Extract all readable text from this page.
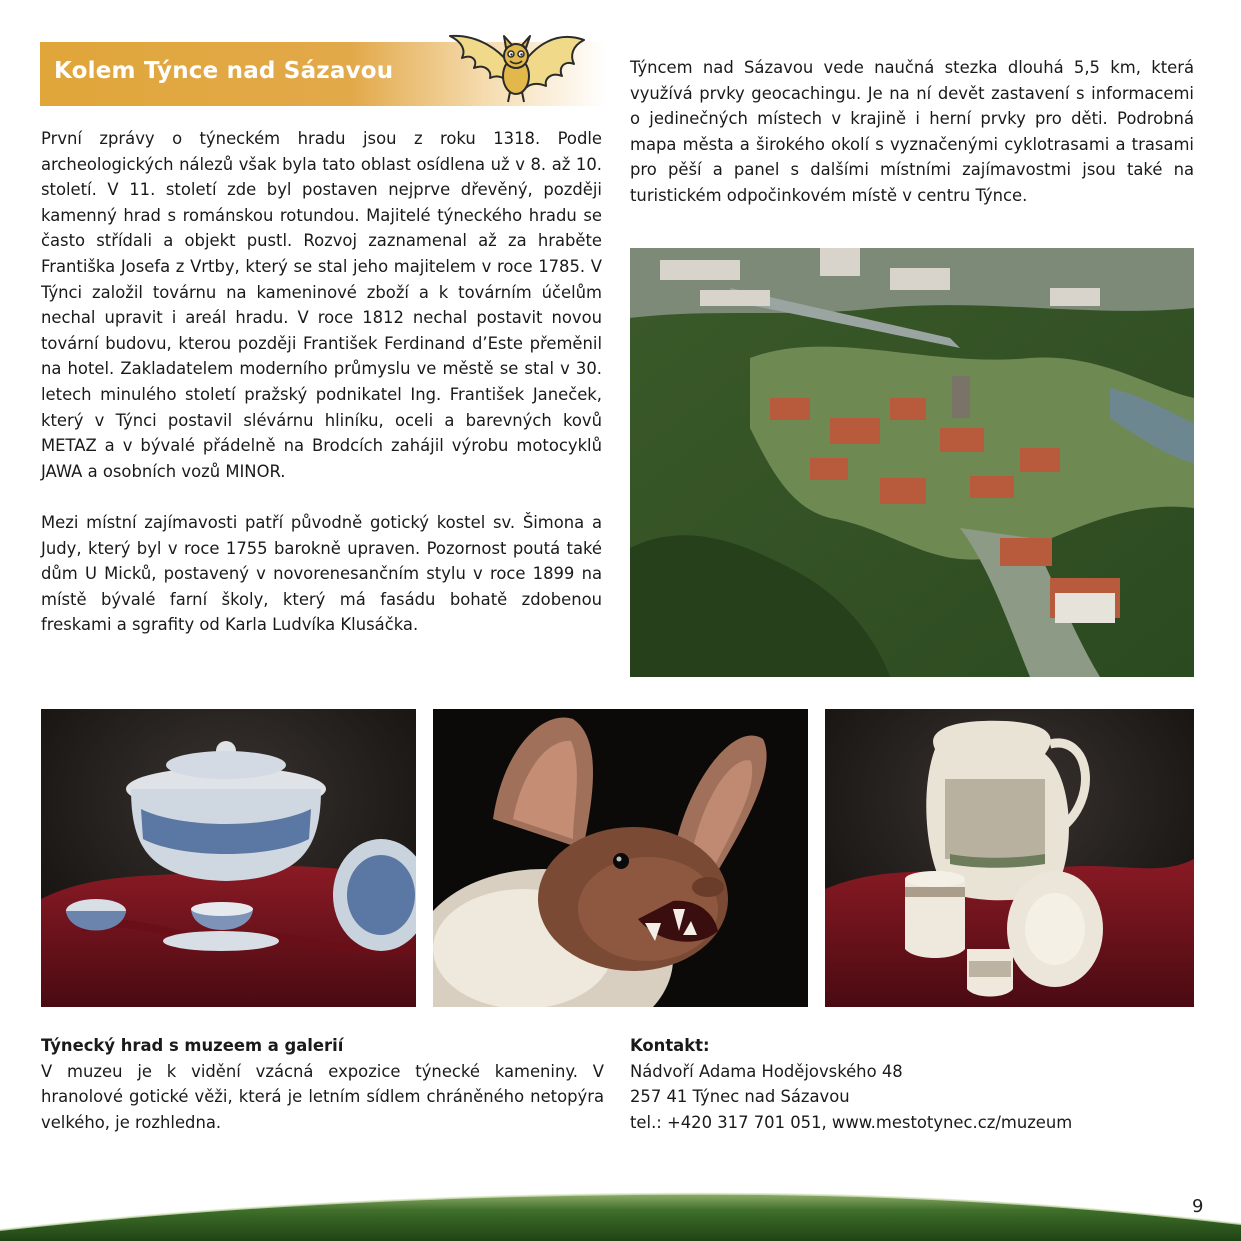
Kolem Týnce nad Sázavou

První zprávy o týneckém hradu jsou z roku 1318. Podle archeologických nálezů však byla tato oblast osídlena už v 8. až 10. století. V 11. století zde byl postaven nejprve dřevěný, později kamenný hrad s románskou rotundou. Majitelé týneckého hradu se často střídali a objekt pustl. Rozvoj zaznamenal až za hraběte Františka Josefa z Vrtby, který se stal jeho majitelem v roce 1785. V Týnci založil továrnu na kameninové zboží a k továrním účelům nechal upravit i areál hradu. V roce 1812 nechal postavit novou tovární budovu, kterou později František Ferdinand d’Este přeměnil na hotel. Zakladatelem moderního průmyslu ve městě se stal v 30. letech minulého století pražský podnikatel Ing. František Janeček, který v Týnci postavil slévárnu hliníku, oceli a barevných kovů METAZ a v bývalé přádelně na Brodcích zahájil výrobu motocyklů JAWA a osobních vozů MINOR.

Mezi místní zajímavosti patří původně gotický kostel sv. Šimona a Judy, který byl v roce 1755 barokně upraven. Pozornost poutá také dům U Micků, postavený v novorenesančním stylu v roce 1899 na místě bývalé farní školy, který má fasádu bohatě zdobenou freskami a sgrafity od Karla Ludvíka Klusáčka.

Týncem nad Sázavou vede naučná stezka dlouhá 5,5 km, která využívá prvky geocachingu. Je na ní devět zastavení s informacemi o jedinečných místech v krajině i herní prvky pro děti. Podrobná mapa města a širokého okolí s vyznačenými cyklotrasami a trasami pro pěší a panel s dalšími místními zajímavostmi jsou také na turistickém odpočinkovém místě v centru Týnce.

Týnecký hrad s muzeem a galerií

V muzeu je k vidění vzácná expozice týnecké kameniny. V hranolové gotické věži, která je letním sídlem chráněného netopýra velkého, je rozhledna.

Kontakt:

Nádvoří Adama Hodějovského 48

257 41 Týnec nad Sázavou

tel.: +420 317 701 051, www.mestotynec.cz/muzeum

9
